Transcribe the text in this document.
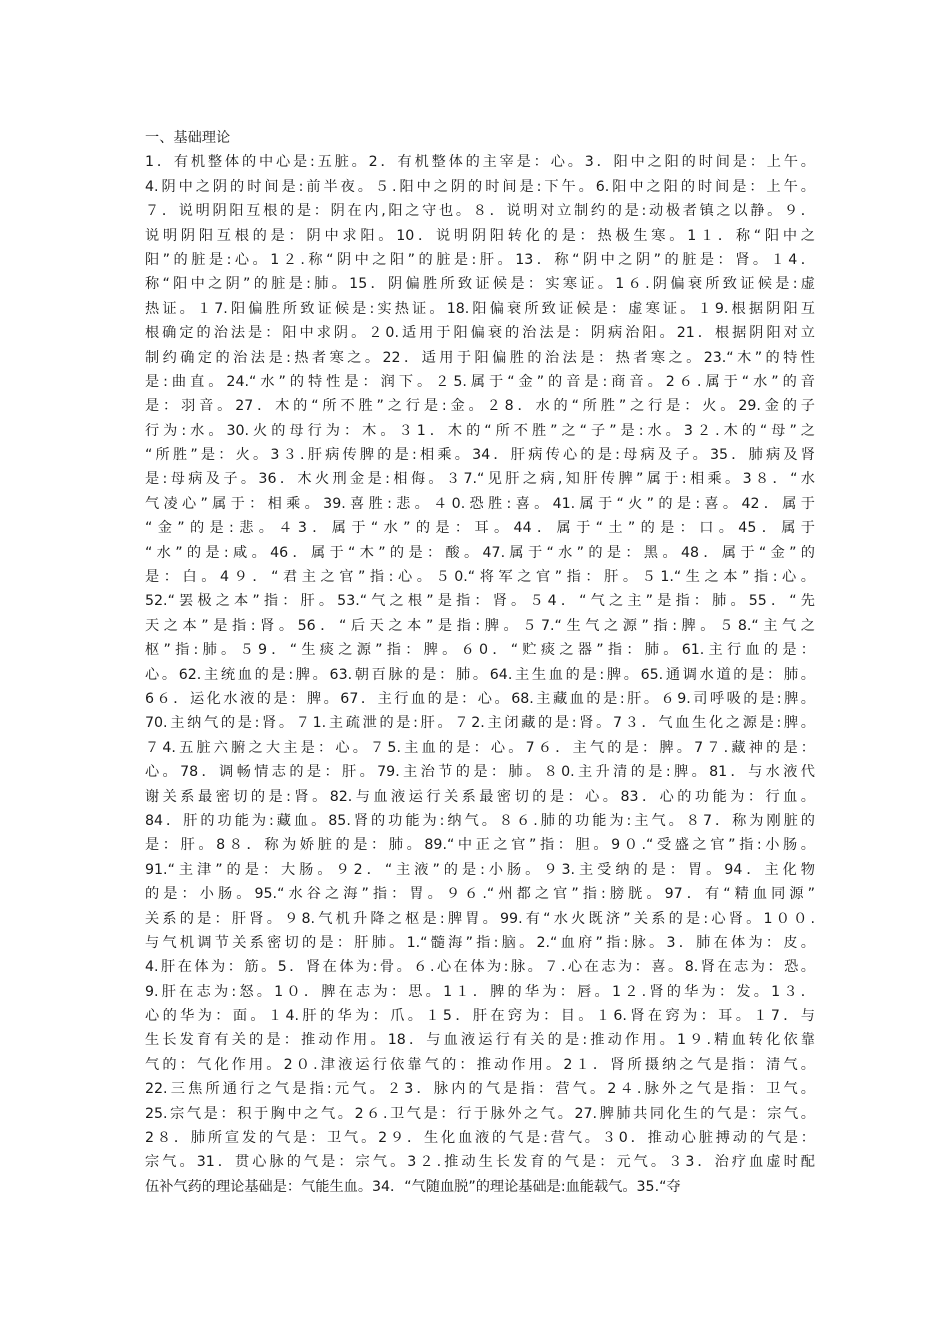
一、基础理论
1．有机整体的中心是:五脏。2．有机整体的主宰是：心。3．阳中之阳的时间是：上午。
4.阴中之阴的时间是:前半夜。５.阳中之阴的时间是:下午。6.阳中之阳的时间是：上午。
７．说明阴阳互根的是：阴在内,阳之守也。８．说明对立制约的是:动极者镇之以静。９．
说明阴阳互根的是：阴中求阳。10．说明阴阳转化的是：热极生寒。1１．称“阳中之
阳”的脏是:心。1２.称“阴中之阳”的脏是:肝。13．称“阴中之阴”的脏是：肾。１4．
称“阳中之阴”的脏是:肺。15．阴偏胜所致证候是：实寒证。1６.阴偏衰所致证候是:虚
热证。１7.阳偏胜所致证候是:实热证。18.阳偏衰所致证候是：虚寒证。１9.根据阴阳互
根确定的治法是：阳中求阴。２0.适用于阳偏衰的治法是：阴病治阳。21．根据阴阳对立
制约确定的治法是:热者寒之。22．适用于阳偏胜的治法是：热者寒之。23.“木”的特性
是:曲直。24.“水”的特性是：润下。２5.属于“金”的音是:商音。2６.属于“水”的音
是：羽音。27．木的“所不胜”之行是:金。２8．水的“所胜”之行是：火。29.金的子
行为:水。30.火的母行为：木。３1．木的“所不胜”之“子”是:水。3２.木的“母”之
“所胜”是：火。3３.肝病传脾的是:相乘。34．肝病传心的是:母病及子。35．肺病及肾
是:母病及子。36．木火刑金是:相侮。３7.“见肝之病,知肝传脾”属于:相乘。3８．“水
气凌心”属于：相乘。39.喜胜:悲。４0.恐胜:喜。41.属于“火”的是:喜。42．属于
“金”的是:悲。４3．属于“水”的是：耳。44．属于“土”的是：口。45．属于
“水”的是:咸。46．属于“木”的是：酸。47.属于“水”的是：黑。48．属于“金”的
是：白。4９．“君主之官”指:心。５0.“将军之官”指：肝。５1.“生之本”指:心。
52.“罢极之本”指：肝。53.“气之根”是指：肾。５4．“气之主”是指：肺。55．“先
天之本”是指:肾。56．“后天之本”是指:脾。５7.“生气之源”指:脾。５8.“主气之
枢”指:肺。５9．“生痰之源”指：脾。６0．“贮痰之器”指：肺。61.主行血的是：
心。62.主统血的是:脾。63.朝百脉的是：肺。64.主生血的是:脾。65.通调水道的是：肺。
6６．运化水液的是：脾。67．主行血的是：心。68.主藏血的是:肝。６9.司呼吸的是:脾。
70.主纳气的是:肾。７1.主疏泄的是:肝。７2.主闭藏的是:肾。7３．气血生化之源是:脾。
７4.五脏六腑之大主是：心。７5.主血的是：心。7６．主气的是：脾。7７.藏神的是：
心。78．调畅情志的是：肝。79.主治节的是：肺。８0.主升清的是:脾。81．与水液代
谢关系最密切的是:肾。82.与血液运行关系最密切的是：心。83．心的功能为：行血。
84．肝的功能为:藏血。85.肾的功能为:纳气。８６.肺的功能为:主气。８7．称为刚脏的
是：肝。8８．称为娇脏的是：肺。89.“中正之官”指：胆。9０.“受盛之官”指:小肠。
91.“主津”的是：大肠。９2．“主液”的是:小肠。９3.主受纳的是：胃。94．主化物
的是：小肠。95.“水谷之海”指：胃。９６.“州都之官”指:膀胱。97．有“精血同源”
关系的是：肝肾。９8.气机升降之枢是:脾胃。99.有“水火既济”关系的是:心肾。1００.
与气机调节关系密切的是：肝肺。1.“髓海”指:脑。2.“血府”指:脉。3．肺在体为：皮。
4.肝在体为：筋。5．肾在体为:骨。６.心在体为:脉。７.心在志为：喜。8.肾在志为：恐。
9.肝在志为:怒。1０．脾在志为：思。1１．脾的华为：唇。1２.肾的华为：发。1３．
心的华为：面。１4.肝的华为：爪。１5．肝在窍为：目。１6.肾在窍为：耳。１7．与
生长发育有关的是：推动作用。18．与血液运行有关的是:推动作用。1９.精血转化依靠
气的：气化作用。2０.津液运行依靠气的：推动作用。2１．肾所摄纳之气是指：清气。
22.三焦所通行之气是指:元气。２3．脉内的气是指：营气。2４.脉外之气是指：卫气。
25.宗气是：积于胸中之气。2６.卫气是：行于脉外之气。27.脾肺共同化生的气是：宗气。
2８．肺所宣发的气是：卫气。2９．生化血液的气是:营气。３0．推动心脏搏动的气是：
宗气。31．贯心脉的气是：宗气。3２.推动生长发育的气是：元气。３3．治疗血虚时配
伍补气药的理论基础是：气能生血。34．“气随血脱”的理论基础是:血能载气。35.“夺
